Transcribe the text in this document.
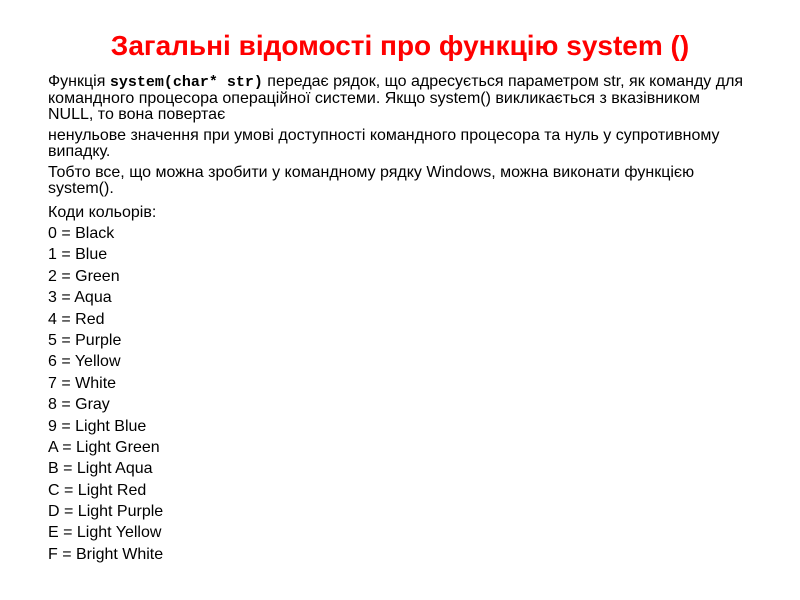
Загальні відомості про функцію system ()

Функція system(char* str) передає рядок, що адресується параметром str, як команду для командного процесора операційної системи. Якщо system() викликається з вказівником NULL, то вона повертає

ненульове значення при умові доступності командного процесора та нуль у супротивному випадку.

Тобто все, що можна зробити у командному рядку Windows, можна виконати функцією system().

Коди кольорів:

0 = Black
1 = Blue
2 = Green
3 = Aqua
4 = Red
5 = Purple
6 = Yellow
7 = White
8 = Gray
9 = Light Blue
A = Light Green
B = Light Aqua
C = Light Red
D = Light Purple
E = Light Yellow
F = Bright White
